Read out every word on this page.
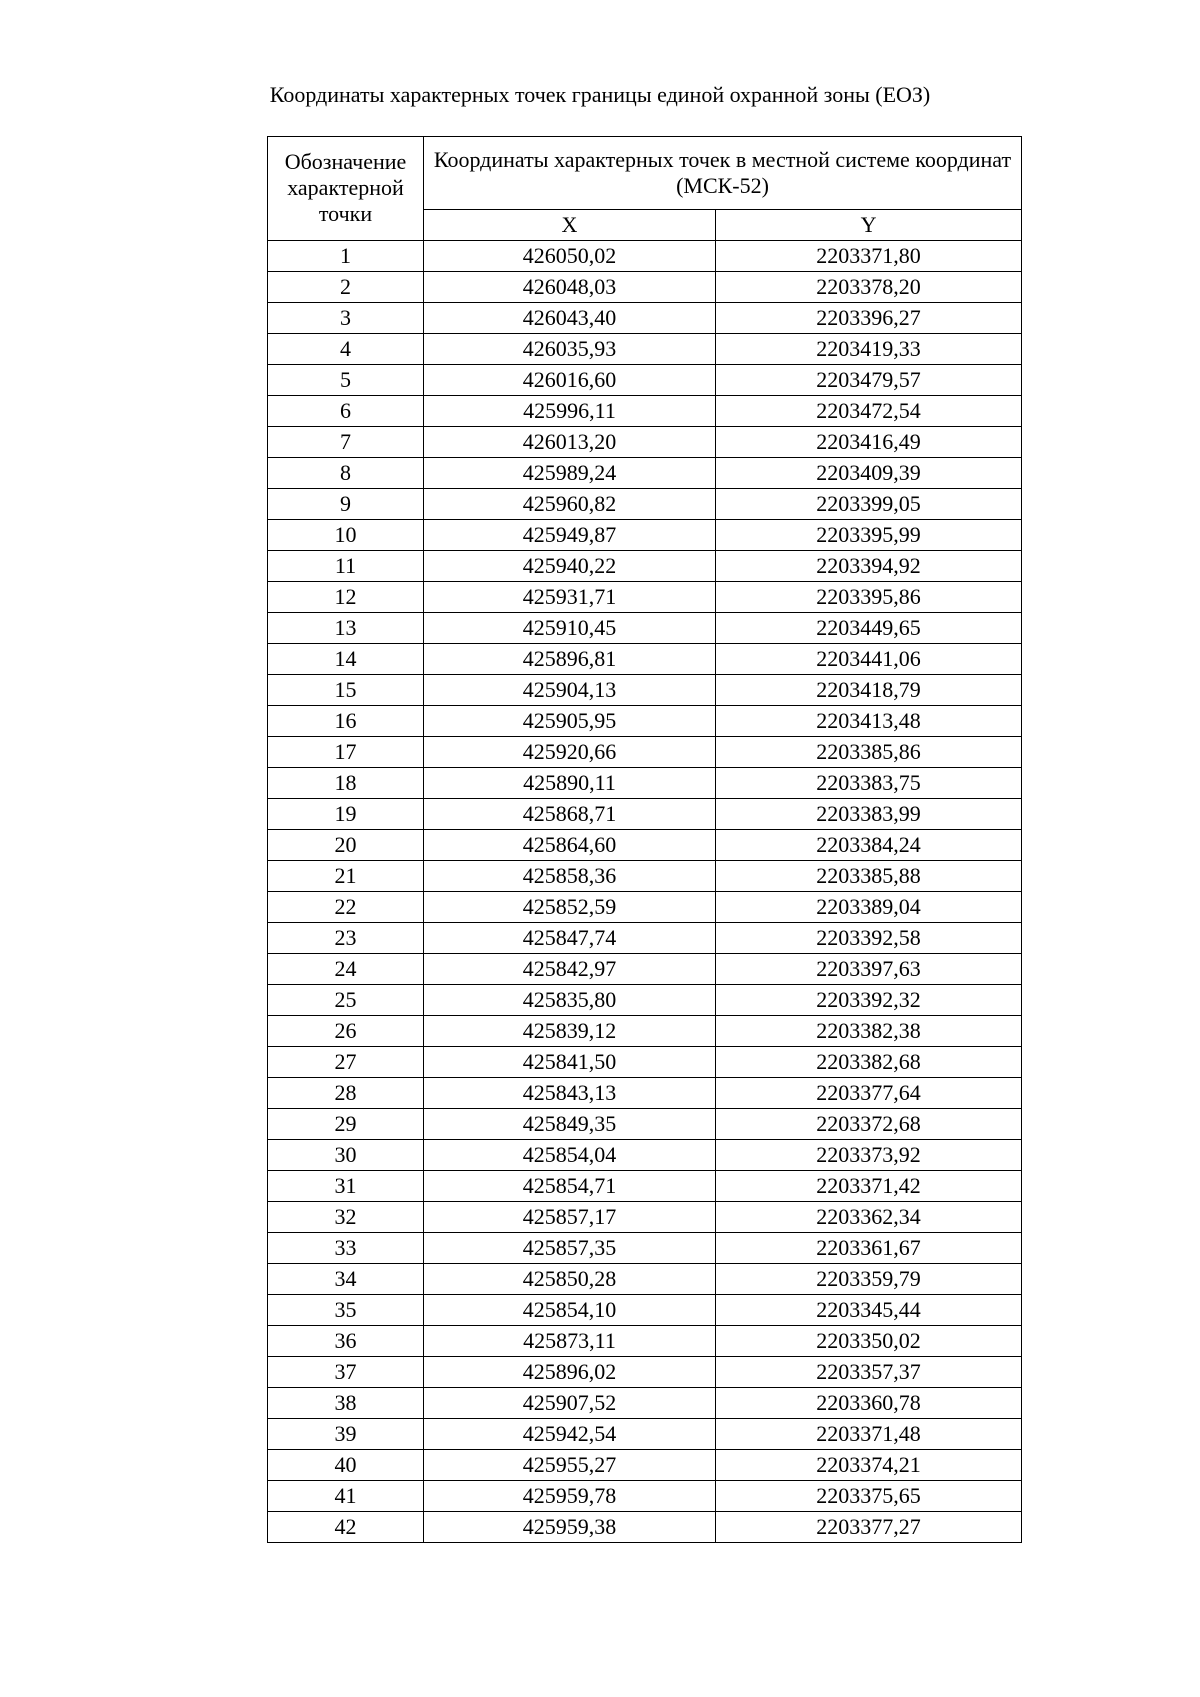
Координаты характерных точек границы единой охранной зоны (ЕОЗ)
Обозначение
характерной
точки	Координаты характерных точек в местной системе координат (МСК-52)	
	X	Y
1	426050,02	2203371,80
2	426048,03	2203378,20
3	426043,40	2203396,27
4	426035,93	2203419,33
5	426016,60	2203479,57
6	425996,11	2203472,54
7	426013,20	2203416,49
8	425989,24	2203409,39
9	425960,82	2203399,05
10	425949,87	2203395,99
11	425940,22	2203394,92
12	425931,71	2203395,86
13	425910,45	2203449,65
14	425896,81	2203441,06
15	425904,13	2203418,79
16	425905,95	2203413,48
17	425920,66	2203385,86
18	425890,11	2203383,75
19	425868,71	2203383,99
20	425864,60	2203384,24
21	425858,36	2203385,88
22	425852,59	2203389,04
23	425847,74	2203392,58
24	425842,97	2203397,63
25	425835,80	2203392,32
26	425839,12	2203382,38
27	425841,50	2203382,68
28	425843,13	2203377,64
29	425849,35	2203372,68
30	425854,04	2203373,92
31	425854,71	2203371,42
32	425857,17	2203362,34
33	425857,35	2203361,67
34	425850,28	2203359,79
35	425854,10	2203345,44
36	425873,11	2203350,02
37	425896,02	2203357,37
38	425907,52	2203360,78
39	425942,54	2203371,48
40	425955,27	2203374,21
41	425959,78	2203375,65
42	425959,38	2203377,27
